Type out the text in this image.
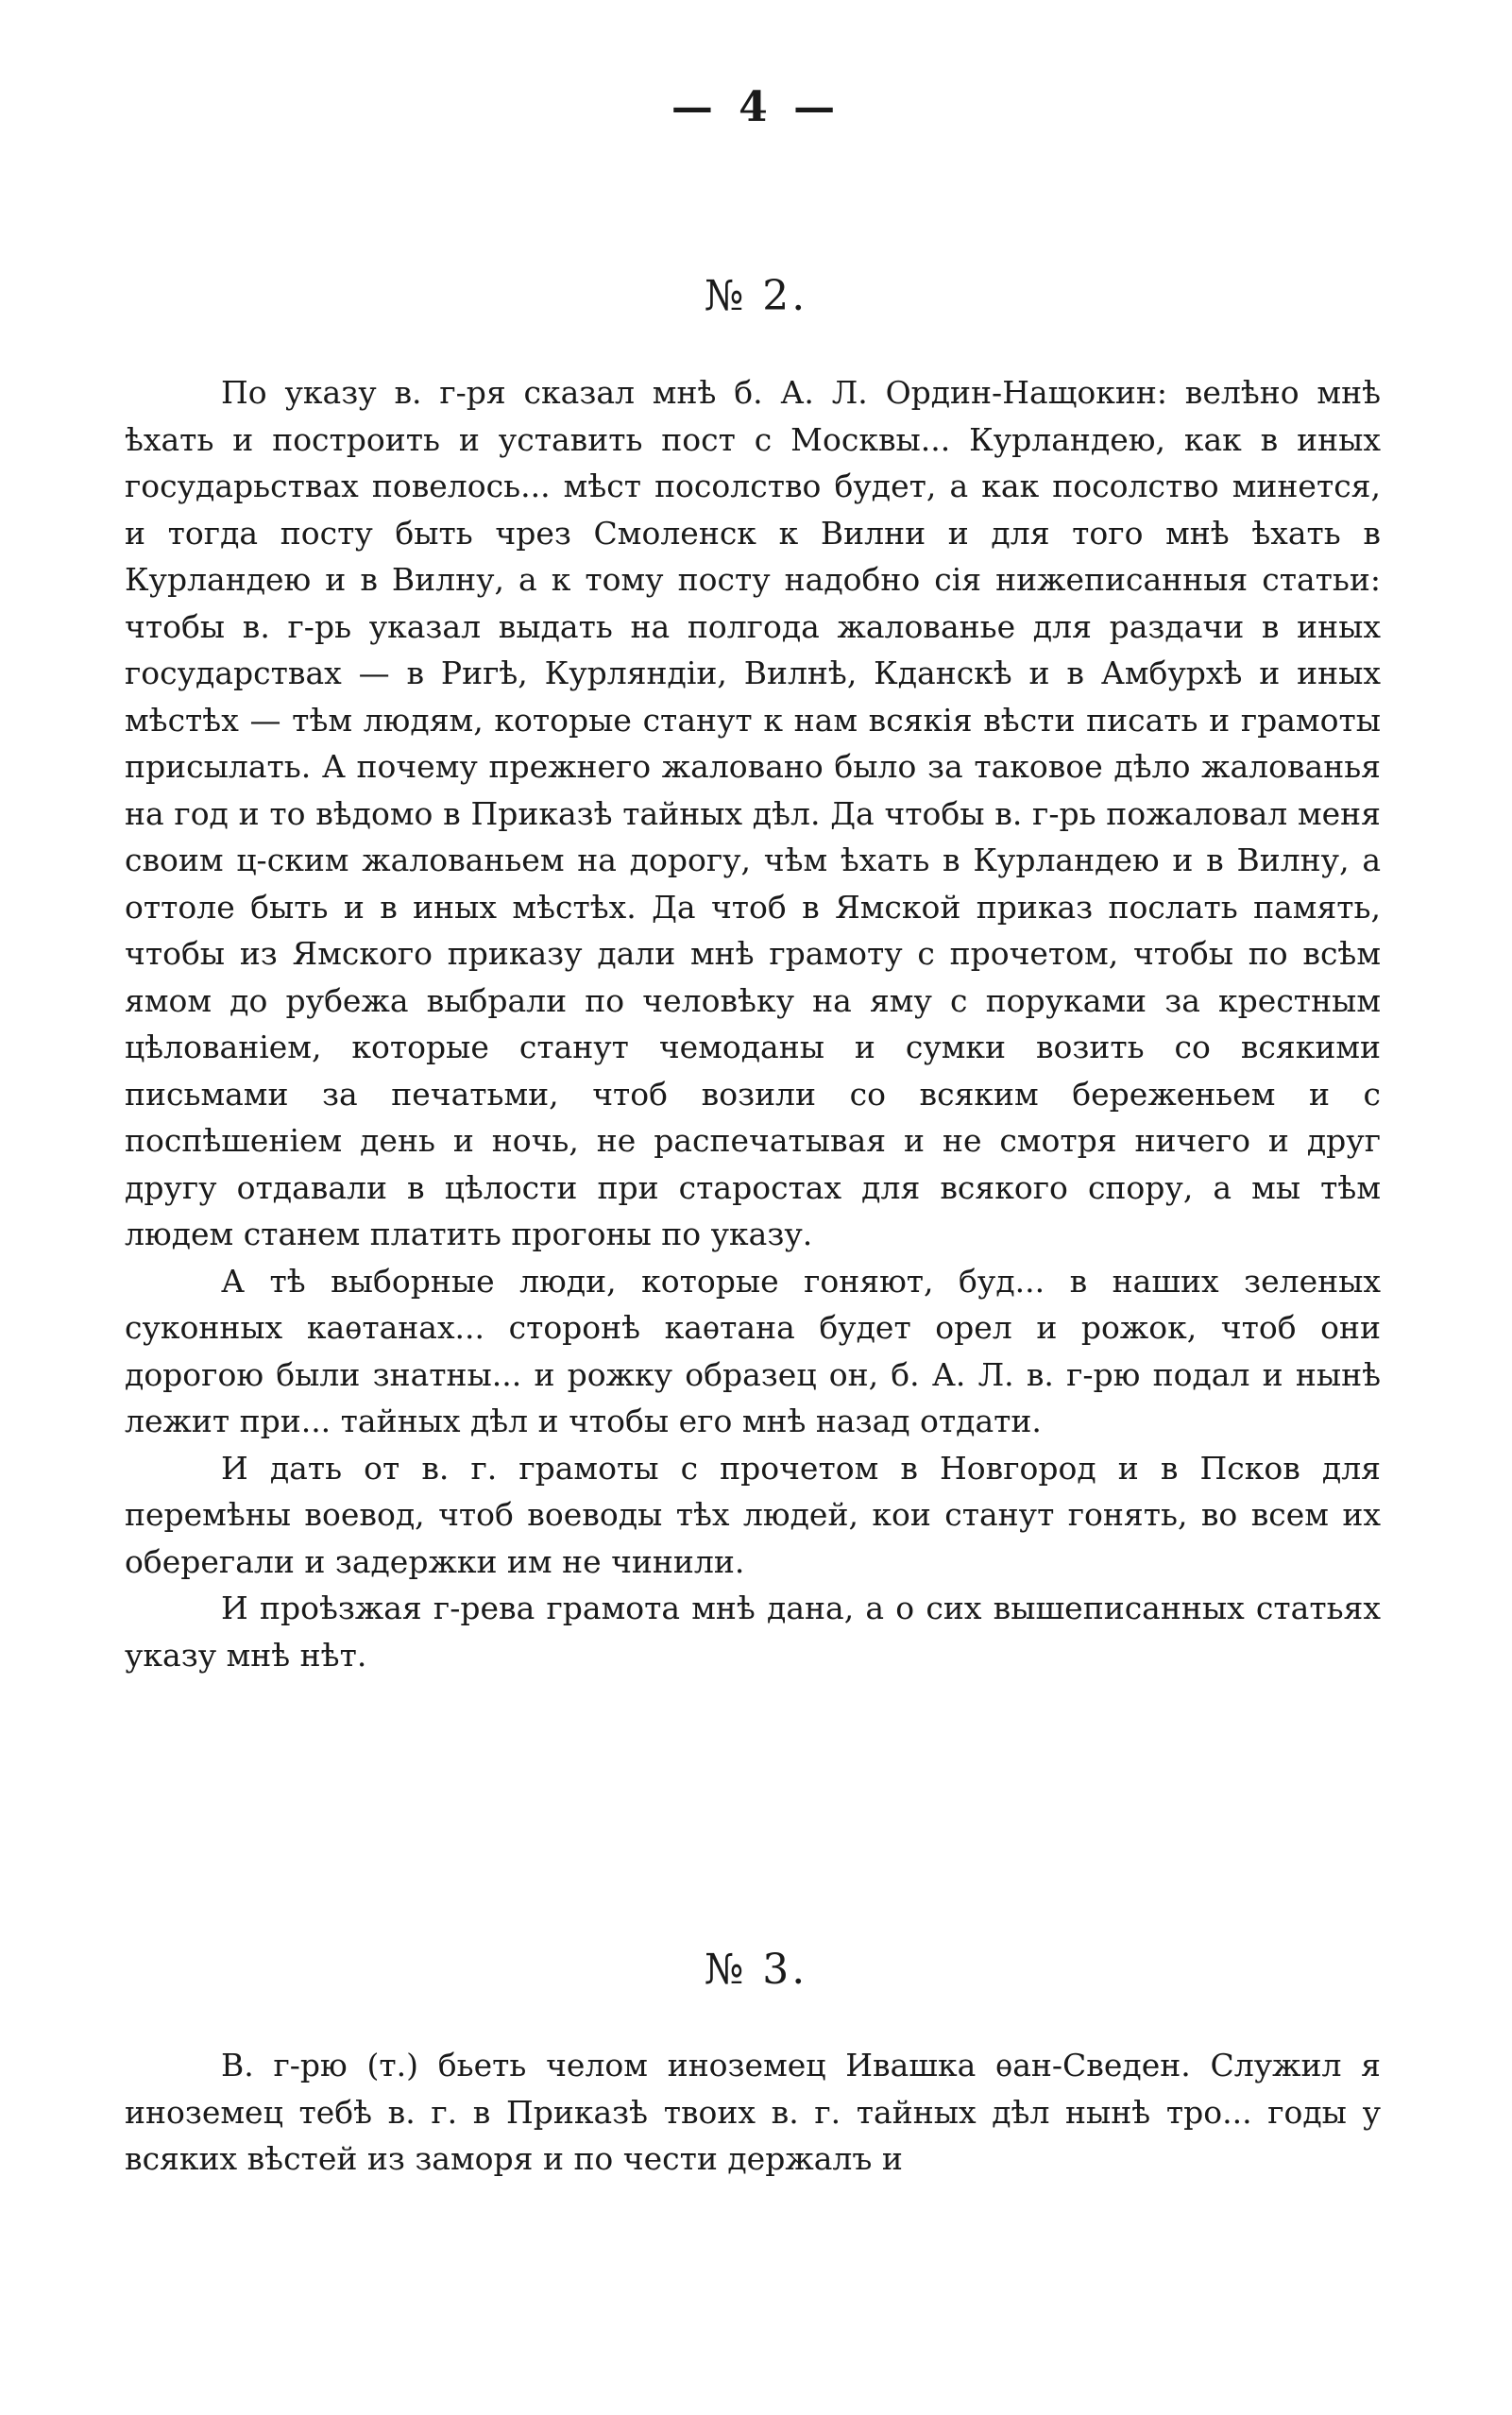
— 4 —
№ 2.

По указу в. г-ря сказал мнѣ б. А. Л. Ордин-Нащокин: велѣно мнѣ ѣхать и построить и уставить пост с Москвы... Курландею, как в иных государьствах повелось... мѣст посолство будет, а как посолство минется, и тогда посту быть чрез Смоленск к Вилни и для того мнѣ ѣхать в Курландею и в Вилну, а к тому посту надобно сія нижеписанныя статьи: чтобы в. г-рь указал выдать на полгода жалованье для раздачи в иных государствах — в Ригѣ, Курляндіи, Вилнѣ, Кданскѣ и в Амбурхѣ и иных мѣстѣх — тѣм людям, которые станут к нам всякія вѣсти писать и грамоты присылать. А почему прежнего жаловано было за таковое дѣло жалованья на год и то вѣдомо в Приказѣ тайных дѣл. Да чтобы в. г-рь пожаловал меня своим ц-ским жалованьем на дорогу, чѣм ѣхать в Курландею и в Вилну, а оттоле быть и в иных мѣстѣх. Да чтоб в Ямской приказ послать память, чтобы из Ямского приказу дали мнѣ грамоту с прочетом, чтобы по всѣм ямом до рубежа выбрали по человѣку на яму с поруками за крестным цѣлованіем, которые станут чемоданы и сумки возить со всякими письмами за печатьми, чтоб возили со всяким береженьем и с поспѣшеніем день и ночь, не распечатывая и не смотря ничего и друг другу отдавали в цѣлости при старостах для всякого спору, а мы тѣм людем станем платить прогоны по указу.

А тѣ выборные люди, которые гоняют, буд... в наших зеленых суконных каѳтанах... сторонѣ каѳтана будет орел и рожок, чтоб они дорогою были знатны... и рожку образец он, б. А. Л. в. г-рю подал и нынѣ лежит при... тайных дѣл и чтобы его мнѣ назад отдати.

И дать от в. г. грамоты с прочетом в Новгород и в Псков для перемѣны воевод, чтоб воеводы тѣх людей, кои станут гонять, во всем их оберегали и задержки им не чинили.

И проѣзжая г-рева грамота мнѣ дана, а о сих вышеписанных статьях указу мнѣ нѣт.

№ 3.

В. г-рю (т.) бьеть челом иноземец Ивашка ѳан-Сведен. Служил я иноземец тебѣ в. г. в Приказѣ твоих в. г. тайных дѣл нынѣ тро... годы у всяких вѣстей из заморя и по чести держалъ и
